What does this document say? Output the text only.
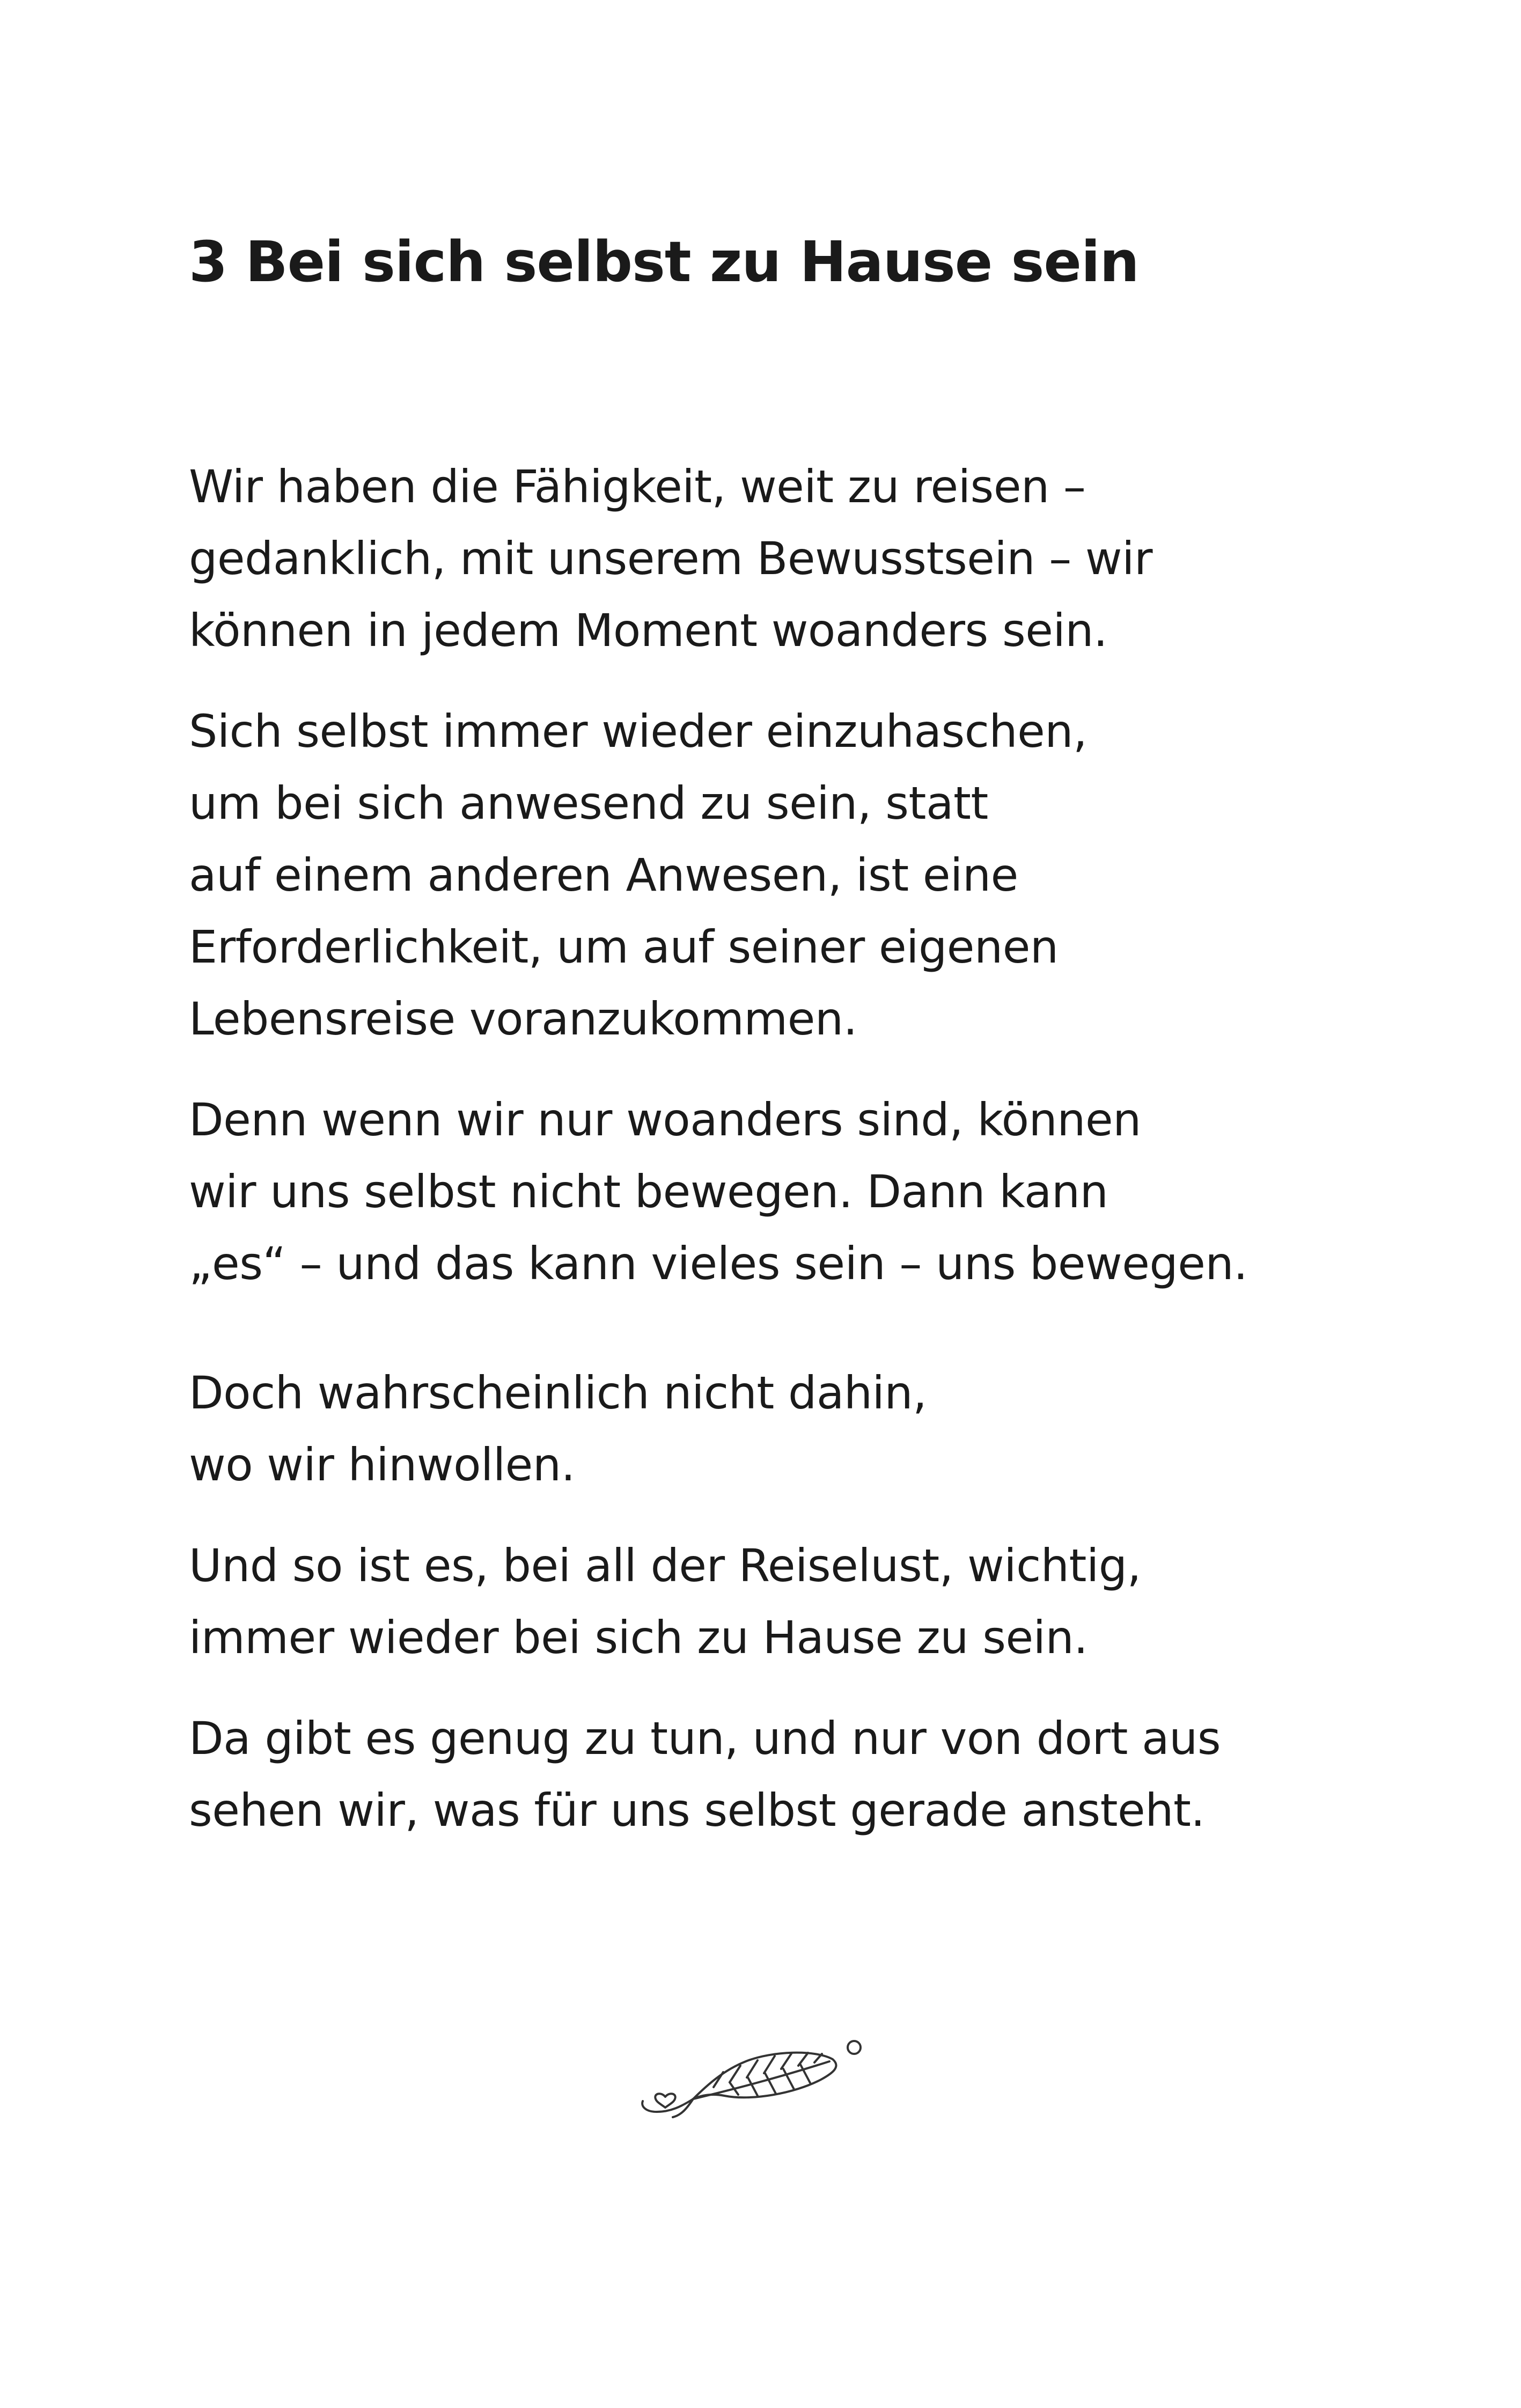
3 Bei sich selbst zu Hause sein

Wir haben die Fähigkeit, weit zu reisen –
gedanklich, mit unserem Bewusstsein – wir
können in jedem Moment woanders sein.

Sich selbst immer wieder einzuhaschen,
um bei sich anwesend zu sein, statt
auf einem anderen Anwesen, ist eine
Erforderlichkeit, um auf seiner eigenen
Lebensreise voranzukommen.

Denn wenn wir nur woanders sind, können
wir uns selbst nicht bewegen. Dann kann
„es“ – und das kann vieles sein – uns bewegen.

Doch wahrscheinlich nicht dahin,
wo wir hinwollen.

Und so ist es, bei all der Reiselust, wichtig,
immer wieder bei sich zu Hause zu sein.

Da gibt es genug zu tun, und nur von dort aus
sehen wir, was für uns selbst gerade ansteht.
